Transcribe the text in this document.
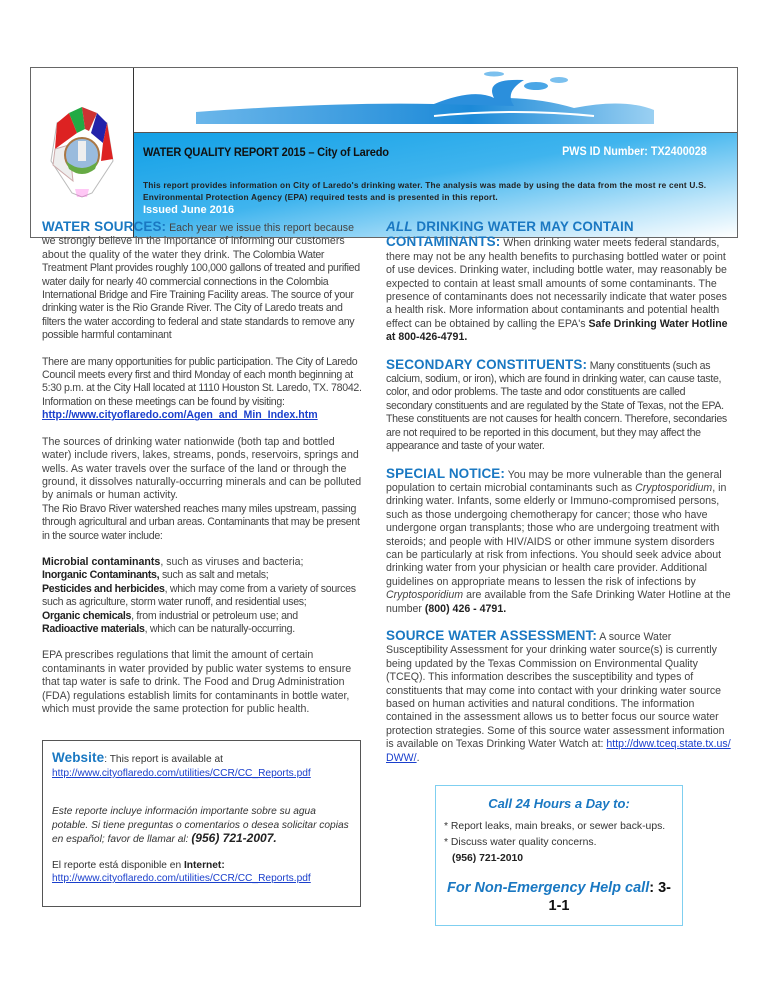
WATER QUALITY REPORT 2015 – City of Laredo	PWS ID Number: TX2400028
This report provides information on City of Laredo's drinking water. The analysis was made by using the data from the most re cent U.S. Environmental Protection Agency (EPA) required tests and is presented in this report.
Issued June 2016

WATER SOURCES: Each year we issue this report because we strongly believe in the importance of informing our customers about the quality of the water they drink. The Colombia Water Treatment Plant provides roughly 100,000 gallons of treated and purified water daily for nearly 40 commercial connections in the Colombia International Bridge and Fire Training Facility areas. The source of your drinking water is the Rio Grande River. The City of Laredo treats and filters the water according to federal and state standards to remove any possible harmful contaminant

There are many opportunities for public participation. The City of Laredo Council meets every first and third Monday of each month beginning at 5:30 p.m. at the City Hall located at 1110 Houston St. Laredo, TX. 78042. Information on these meetings can be found by visiting:
http://www.cityoflaredo.com/Agen_and_Min_Index.htm

The sources of drinking water nationwide (both tap and bottled water) include rivers, lakes, streams, ponds, reservoirs, springs and wells. As water travels over the surface of the land or through the ground, it dissolves naturally-occurring minerals and can be polluted by animals or human activity.
The Rio Bravo River watershed reaches many miles upstream, passing through agricultural and urban areas. Contaminants that may be present in the source water include:

Microbial contaminants, such as viruses and bacteria;
Inorganic Contaminants, such as salt and metals;
Pesticides and herbicides, which may come from a variety of sources such as agriculture, storm water runoff, and residential uses;
Organic chemicals, from industrial or petroleum use; and
Radioactive materials, which can be naturally-occurring.

EPA prescribes regulations that limit the amount of certain contaminants in water provided by public water systems to ensure that tap water is safe to drink. The Food and Drug Administration (FDA) regulations establish limits for contaminants in bottle water, which must provide the same protection for public health.

Website: This report is available at
http://www.cityoflaredo.com/utilities/CCR/CC_Reports.pdf
Este reporte incluye información importante sobre su agua potable. Si tiene preguntas o comentarios o desea solicitar copias en español; favor de llamar al: (956) 721-2007.
El reporte está disponible en Internet:
http://www.cityoflaredo.com/utilities/CCR/CC_Reports.pdf

ALL DRINKING WATER MAY CONTAIN CONTAMINANTS: When drinking water meets federal standards, there may not be any health benefits to purchasing bottled water or point of use devices. Drinking water, including bottle water, may reasonably be expected to contain at least small amounts of some contaminants. The presence of contaminants does not necessarily indicate that water poses a health risk. More information about contaminants and potential health effect can be obtained by calling the EPA's Safe Drinking Water Hotline at 800-426-4791.

SECONDARY CONSTITUENTS: Many constituents (such as calcium, sodium, or iron), which are found in drinking water, can cause taste, color, and odor problems. The taste and odor constituents are called secondary constituents and are regulated by the State of Texas, not the EPA. These constituents are not causes for health concern. Therefore, secondaries are not required to be reported in this document, but they may affect the appearance and taste of your water.

SPECIAL NOTICE: You may be more vulnerable than the general population to certain microbial contaminants such as Cryptosporidium, in drinking water. Infants, some elderly or Immuno-compromised persons, such as those undergoing chemotherapy for cancer; those who have undergone organ transplants; those who are undergoing treatment with steroids; and people with HIV/AIDS or other immune system disorders can be particularly at risk from infections. You should seek advice about drinking water from your physician or health care provider. Additional guidelines on appropriate means to lessen the risk of infections by Cryptosporidium are available from the Safe Drinking Water Hotline at the number (800) 426 - 4791.

SOURCE WATER ASSESSMENT: A source Water Susceptibility Assessment for your drinking water source(s) is currently being updated by the Texas Commission on Environmental Quality (TCEQ). This information describes the susceptibility and types of constituents that may come into contact with your drinking water source based on human activities and natural conditions. The information contained in the assessment allows us to better focus our source water protection strategies. Some of this source water assessment information is available on Texas Drinking Water Watch at: http://dww.tceq.state.tx.us/DWW/.

Call 24 Hours a Day to:
* Report leaks, main breaks, or sewer back-ups.
* Discuss water quality concerns.
(956) 721-2010
For Non-Emergency Help call: 3-1-1
